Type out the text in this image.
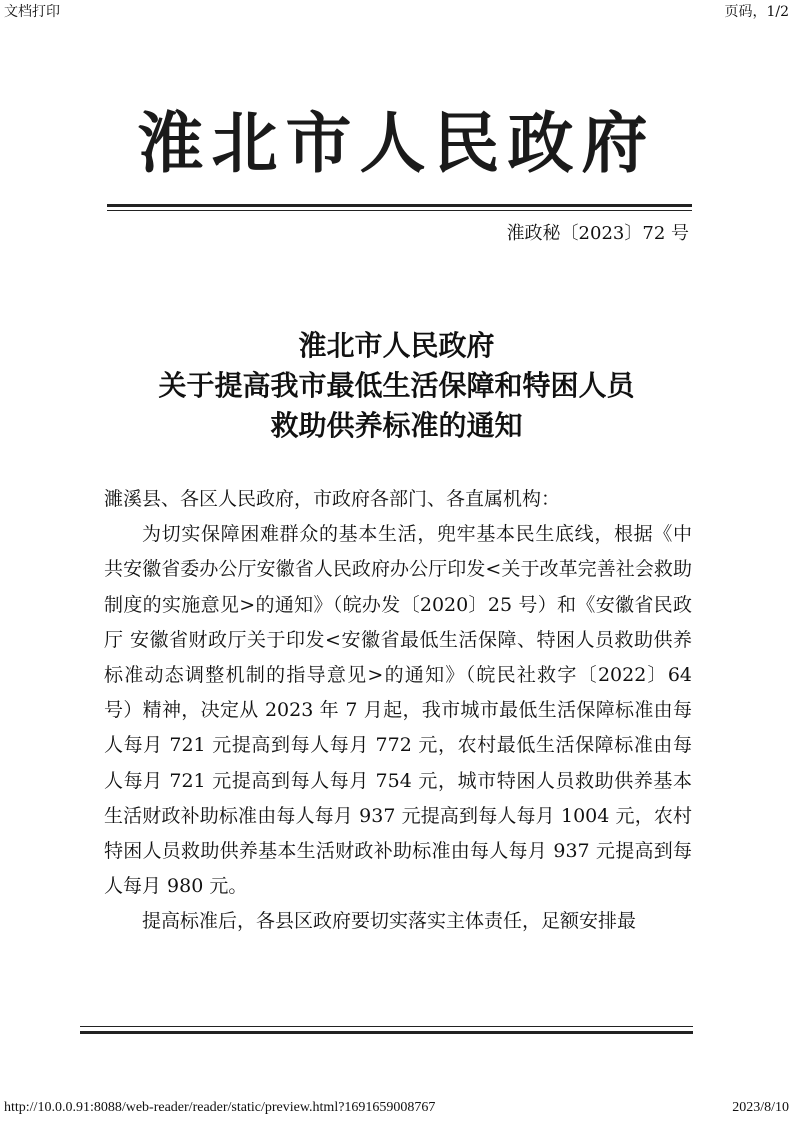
文档打印	页码，1/2
淮北市人民政府
淮政秘〔2023〕72 号
淮北市人民政府
关于提高我市最低生活保障和特困人员
救助供养标准的通知

濉溪县、各区人民政府，市政府各部门、各直属机构：

为切实保障困难群众的基本生活，兜牢基本民生底线，根据《中共安徽省委办公厅安徽省人民政府办公厅印发<关于改革完善社会救助制度的实施意见>的通知》（皖办发〔2020〕25 号）和《安徽省民政厅 安徽省财政厅关于印发<安徽省最低生活保障、特困人员救助供养标准动态调整机制的指导意见>的通知》（皖民社救字〔2022〕64 号）精神，决定从 2023 年 7 月起，我市城市最低生活保障标准由每人每月 721 元提高到每人每月 772 元，农村最低生活保障标准由每人每月 721 元提高到每人每月 754 元，城市特困人员救助供养基本生活财政补助标准由每人每月 937 元提高到每人每月 1004 元，农村特困人员救助供养基本生活财政补助标准由每人每月 937 元提高到每人每月 980 元。

提高标准后，各县区政府要切实落实主体责任，足额安排最

http://10.0.0.91:8088/web-reader/reader/static/preview.html?1691659008767	2023/8/10
